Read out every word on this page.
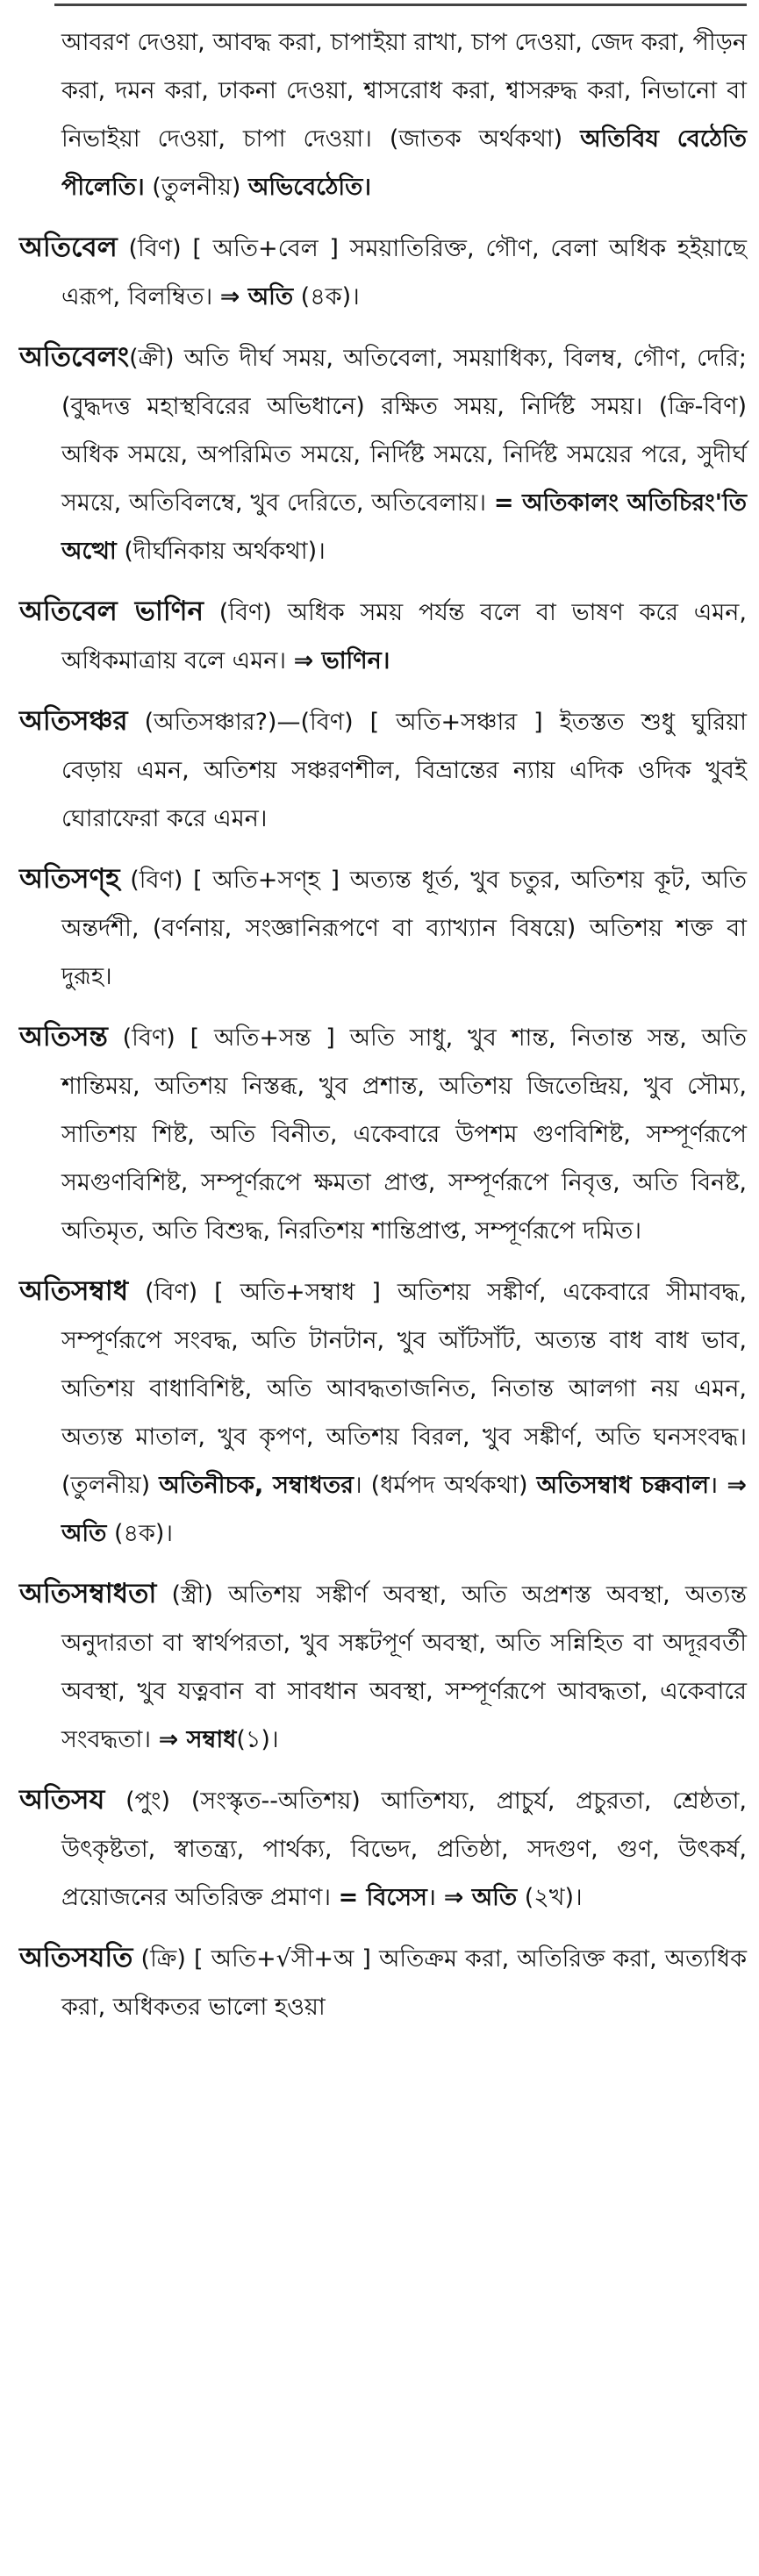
আবরণ দেওয়া, আবদ্ধ করা, চাপাইয়া রাখা, চাপ দেওয়া, জেদ করা, পীড়ন করা, দমন করা, ঢাকনা দেওয়া, শ্বাসরোধ করা, শ্বাসরুদ্ধ করা, নিভানো বা নিভাইয়া দেওয়া, চাপা দেওয়া। (জাতক অর্থকথা) অতিবিয বেঠেতি পীলেতি। (তুলনীয়) অভিবেঠেতি।
অতিবেল (বিণ) [ অতি+বেল ] সময়াতিরিক্ত, গৌণ, বেলা অধিক হইয়াছে এরূপ, বিলম্বিত। ⇒ অতি (৪ক)।
অতিবেলং(ক্রী) অতি দীর্ঘ সময়, অতিবেলা, সময়াধিক্য, বিলম্ব, গৌণ, দেরি; (বুদ্ধদত্ত মহাস্থবিরের অভিধানে) রক্ষিত সময়, নির্দিষ্ট সময়। (ক্রি-বিণ) অধিক সময়ে, অপরিমিত সময়ে, নির্দিষ্ট সময়ে, নির্দিষ্ট সময়ের পরে, সুদীর্ঘ সময়ে, অতিবিলম্বে, খুব দেরিতে, অতিবেলায়। = অতিকালং অতিচিরং'তি অত্থো (দীর্ঘনিকায় অর্থকথা)।
অতিবেল ভাণিন (বিণ) অধিক সময় পর্যন্ত বলে বা ভাষণ করে এমন, অধিকমাত্রায় বলে এমন। ⇒ ভাণিন।
অতিসঞ্চর (অতিসঞ্চার?)—(বিণ) [ অতি+সঞ্চার ] ইতস্তত শুধু ঘুরিয়া বেড়ায় এমন, অতিশয় সঞ্চরণশীল, বিভ্রান্তের ন্যায় এদিক ওদিক খুবই ঘোরাফেরা করে এমন।
অতিসণ্হ (বিণ) [ অতি+সণ্হ ] অত্যন্ত ধূর্ত, খুব চতুর, অতিশয় কূট, অতি অন্তর্দশী, (বর্ণনায়, সংজ্ঞানিরূপণে বা ব্যাখ্যান বিষয়ে) অতিশয় শক্ত বা দুরূহ।
অতিসন্ত (বিণ) [ অতি+সন্ত ] অতি সাধু, খুব শান্ত, নিতান্ত সন্ত, অতি শান্তিময়, অতিশয় নিস্তব্ধ, খুব প্রশান্ত, অতিশয় জিতেন্দ্রিয়, খুব সৌম্য, সাতিশয় শিষ্ট, অতি বিনীত, একেবারে উপশম গুণবিশিষ্ট, সম্পূর্ণরূপে সমগুণবিশিষ্ট, সম্পূর্ণরূপে ক্ষমতা প্রাপ্ত, সম্পূর্ণরূপে নিবৃত্ত, অতি বিনষ্ট, অতিমৃত, অতি বিশুদ্ধ, নিরতিশয় শান্তিপ্রাপ্ত, সম্পূর্ণরূপে দমিত।
অতিসম্বাধ (বিণ) [ অতি+সম্বাধ ] অতিশয় সঙ্কীর্ণ, একেবারে সীমাবদ্ধ, সম্পূর্ণরূপে সংবদ্ধ, অতি টানটান, খুব আঁটসাঁট, অত্যন্ত বাধ বাধ ভাব, অতিশয় বাধাবিশিষ্ট, অতি আবদ্ধতাজনিত, নিতান্ত আলগা নয় এমন, অত্যন্ত মাতাল, খুব কৃপণ, অতিশয় বিরল, খুব সঙ্কীর্ণ, অতি ঘনসংবদ্ধ। (তুলনীয়) অতিনীচক, সম্বাধতর। (ধর্মপদ অর্থকথা) অতিসম্বাধ চক্কবাল। ⇒ অতি (৪ক)।
অতিসম্বাধতা (স্ত্রী) অতিশয় সঙ্কীর্ণ অবস্থা, অতি অপ্রশস্ত অবস্থা, অত্যন্ত অনুদারতা বা স্বার্থপরতা, খুব সঙ্কটপূর্ণ অবস্থা, অতি সন্নিহিত বা অদূরবর্তী অবস্থা, খুব যত্নবান বা সাবধান অবস্থা, সম্পূর্ণরূপে আবদ্ধতা, একেবারে সংবদ্ধতা। ⇒ সম্বাধ(১)।
অতিসয (পুং) (সংস্কৃত--অতিশয়) আতিশয্য, প্রাচুর্য, প্রচুরতা, শ্রেষ্ঠতা, উৎকৃষ্টতা, স্বাতন্ত্র্য, পার্থক্য, বিভেদ, প্রতিষ্ঠা, সদগুণ, গুণ, উৎকর্ষ, প্রয়োজনের অতিরিক্ত প্রমাণ। = বিসেস। ⇒ অতি (২খ)।
অতিসযতি (ক্রি) [ অতি+√সী+অ ] অতিক্রম করা, অতিরিক্ত করা, অত্যধিক করা, অধিকতর ভালো হওয়া
